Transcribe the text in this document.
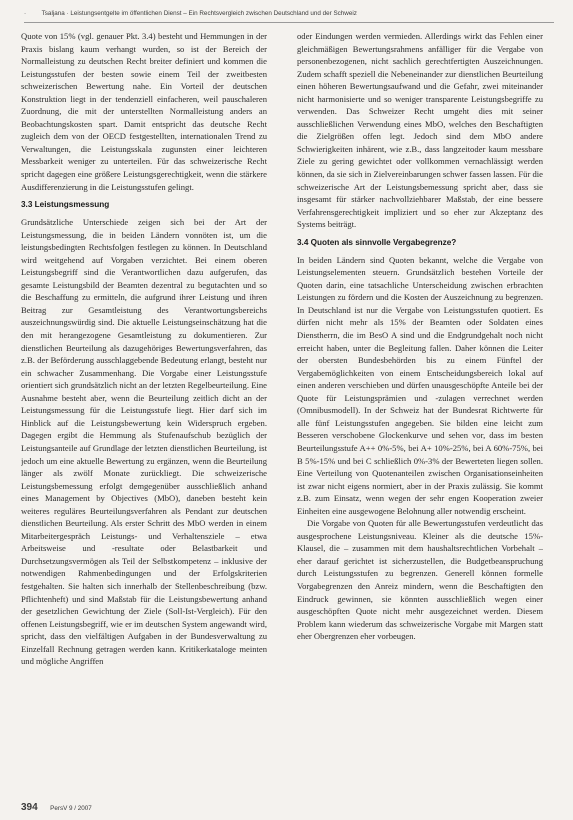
· Tsaljana · Leistungsentgelte im öffentlichen Dienst – Ein Rechtsvergleich zwischen Deutschland und der Schweiz

Quote von 15% (vgl. genauer Pkt. 3.4) besteht und Hemmungen in der Praxis bislang kaum verhangt wurden, so ist der Bereich der Normalleistung zu deutschen Recht breiter definiert und kommen die Leistungsstufen der besten sowie einem Teil der zweitbesten schweizerischen Bewertung nahe. Ein Vorteil der deutschen Konstruktion liegt in der tendenziell einfacheren, weil pauschaleren Zuordnung, die mit der unterstellten Normalleistung anders an Beobachtungskosten spart. Damit entspricht das deutsche Recht zugleich dem von der OECD festgestellten, internationalen Trend zu Verwaltungen, die Leistungsskala zugunsten einer leichteren Messbarkeit weniger zu unterteilen. Für das schweizerische Recht spricht dagegen eine größere Leistungsgerechtigkeit, wenn die stärkere Ausdifferenzierung in die Leistungsstufen gelingt.

3.3 Leistungsmessung

Grundsätzliche Unterschiede zeigen sich bei der Art der Leistungsmessung, die in beiden Ländern vonnöten ist, um die leistungsbedingten Rechtsfolgen festlegen zu können. In Deutschland wird weitgehend auf Vorgaben verzichtet. Bei einem oberen Leistungsbegriff sind die Verantwortlichen dazu aufgerufen, das gesamte Leistungsbild der Beamten dezentral zu begutachten und so die Beschaffung zu ermitteln, die aufgrund ihrer Leistung und ihren Beitrag zur Gesamtleistung des Verantwortungsbereichs auszeichnungswürdig sind. Die aktuelle Leistungseinschätzung hat die den mit herangezogene Gesamtleistung zu dokumentieren. Zur dienstlichen Beurteilung als dazugehöriges Bewertungsverfahren, das z.B. der Beförderung ausschlaggebende Bedeutung erlangt, besteht nur ein schwacher Zusammenhang. Die Vorgabe einer Leistungsstufe orientiert sich grundsätzlich nicht an der letzten Regelbeurteilung. Eine Ausnahme besteht aber, wenn die Beurteilung zeitlich dicht an der Leistungsmessung für die Leistungsstufe liegt. Hier darf sich im Hinblick auf die Leistungsbewertung kein Widerspruch ergeben. Dagegen ergibt die Hemmung als Stufenaufschub bezüglich der Leistungsanteile auf Grundlage der letzten dienstlichen Beurteilung, ist jedoch um eine aktuelle Bewertung zu ergänzen, wenn die Beurteilung länger als zwölf Monate zurückliegt. Die schweizerische Leistungsbemessung erfolgt demgegenüber ausschließlich anhand eines Management by Objectives (MbO), daneben besteht kein weiteres reguläres Beurteilungsverfahren als Pendant zur deutschen dienstlichen Beurteilung. Als erster Schritt des MbO werden in einem Mitarbeitergespräch Leistungs- und Verhaltensziele – etwa Arbeitsweise und -resultate oder Belastbarkeit und Durchsetzungsvermögen als Teil der Selbstkompetenz – inklusive der notwendigen Rahmenbedingungen und der Erfolgskriterien festgehalten. Sie halten sich innerhalb der Stellenbeschreibung (bzw. Pflichtenheft) und sind Maßstab für die Leistungsbewertung anhand der gesetzlichen Gewichtung der Ziele (Soll-Ist-Vergleich). Für den offenen Leistungsbegriff, wie er im deutschen System angewandt wird, spricht, dass den vielfältigen Aufgaben in der Bundesverwaltung zu Einzelfall Rechnung getragen werden kann. Kritikerkataloge meinten und mögliche Angriffen

oder Eindungen werden vermieden. Allerdings wirkt das Fehlen einer gleichmäßigen Bewertungsrahmens anfälliger für die Vergabe von personenbezogenen, nicht sachlich gerechtfertigten Auszeichnungen. Zudem schafft speziell die Nebeneinander zur dienstlichen Beurteilung einen höheren Bewertungsaufwand und die Gefahr, zwei miteinander nicht harmonisierte und so weniger transparente Leistungsbegriffe zu verwenden. Das Schweizer Recht umgeht dies mit seiner ausschließlichen Verwendung eines MbO, welches den Beschaftigten die Zielgrößen offen legt. Jedoch sind dem MbO andere Schwierigkeiten inhärent, wie z.B., dass langzeitoder kaum messbare Ziele zu gering gewichtet oder vollkommen vernachlässigt werden können, da sie sich in Zielvereinbarungen schwer fassen lassen. Für die schweizerische Art der Leistungsbemessung spricht aber, dass sie insgesamt für stärker nachvollziehbarer Maßstab, der eine bessere Verfahrensgerechtigkeit impliziert und so eher zur Akzeptanz des Systems beiträgt.

3.4 Quoten als sinnvolle Vergabegrenze?

In beiden Ländern sind Quoten bekannt, welche die Vergabe von Leistungselementen steuern. Grundsätzlich bestehen Vorteile der Quoten darin, eine tatsachliche Unterscheidung zwischen erbrachten Leistungen zu fördern und die Kosten der Auszeichnung zu begrenzen. In Deutschland ist nur die Vergabe von Leistungsstufen quotiert. Es dürfen nicht mehr als 15% der Beamten oder Soldaten eines Dienstherrn, die im BesO A sind und die Endgrundgehalt noch nicht erreicht haben, unter die Begleitung fallen. Daher können die Leiter der obersten Bundesbehörden bis zu einem Fünftel der Vergabemöglichkeiten von einem Entscheidungsbereich lokal auf einen anderen verschieben und dürfen unausgeschöpfte Anteile bei der Quote für Leistungsprämien und -zulagen verrechnet werden (Omnibusmodell). In der Schweiz hat der Bundesrat Richtwerte für alle fünf Leistungsstufen angegeben. Sie bilden eine leicht zum Besseren verschobene Glockenkurve und sehen vor, dass im besten Beurteilungsstufe A++ 0%-5%, bei A+ 10%-25%, bei A 60%-75%, bei B 5%-15% und bei C schließlich 0%-3% der Bewerteten liegen sollen. Eine Verteilung von Quotenanteilen zwischen Organisationseinheiten ist zwar nicht eigens normiert, aber in der Praxis zulässig. Sie kommt z.B. zum Einsatz, wenn wegen der sehr engen Kooperation zweier Einheiten eine ausgewogene Belohnung aller notwendig erscheint.

Die Vorgabe von Quoten für alle Bewertungsstufen verdeutlicht das ausgesprochene Leistungsniveau. Kleiner als die deutsche 15%-Klausel, die – zusammen mit dem haushaltsrechtlichen Vorbehalt – eher darauf gerichtet ist sicherzustellen, die Budgetbeanspruchung durch Leistungsstufen zu begrenzen. Generell können formelle Vorgabegrenzen den Anreiz mindern, wenn die Beschaftigten den Eindruck gewinnen, sie könnten ausschließlich wegen einer ausgeschöpften Quote nicht mehr ausgezeichnet werden. Diesem Problem kann wiederum das schweizerische Vorgabe mit Margen statt eher Obergrenzen eher vorbeugen.

394 PersV 9 / 2007
